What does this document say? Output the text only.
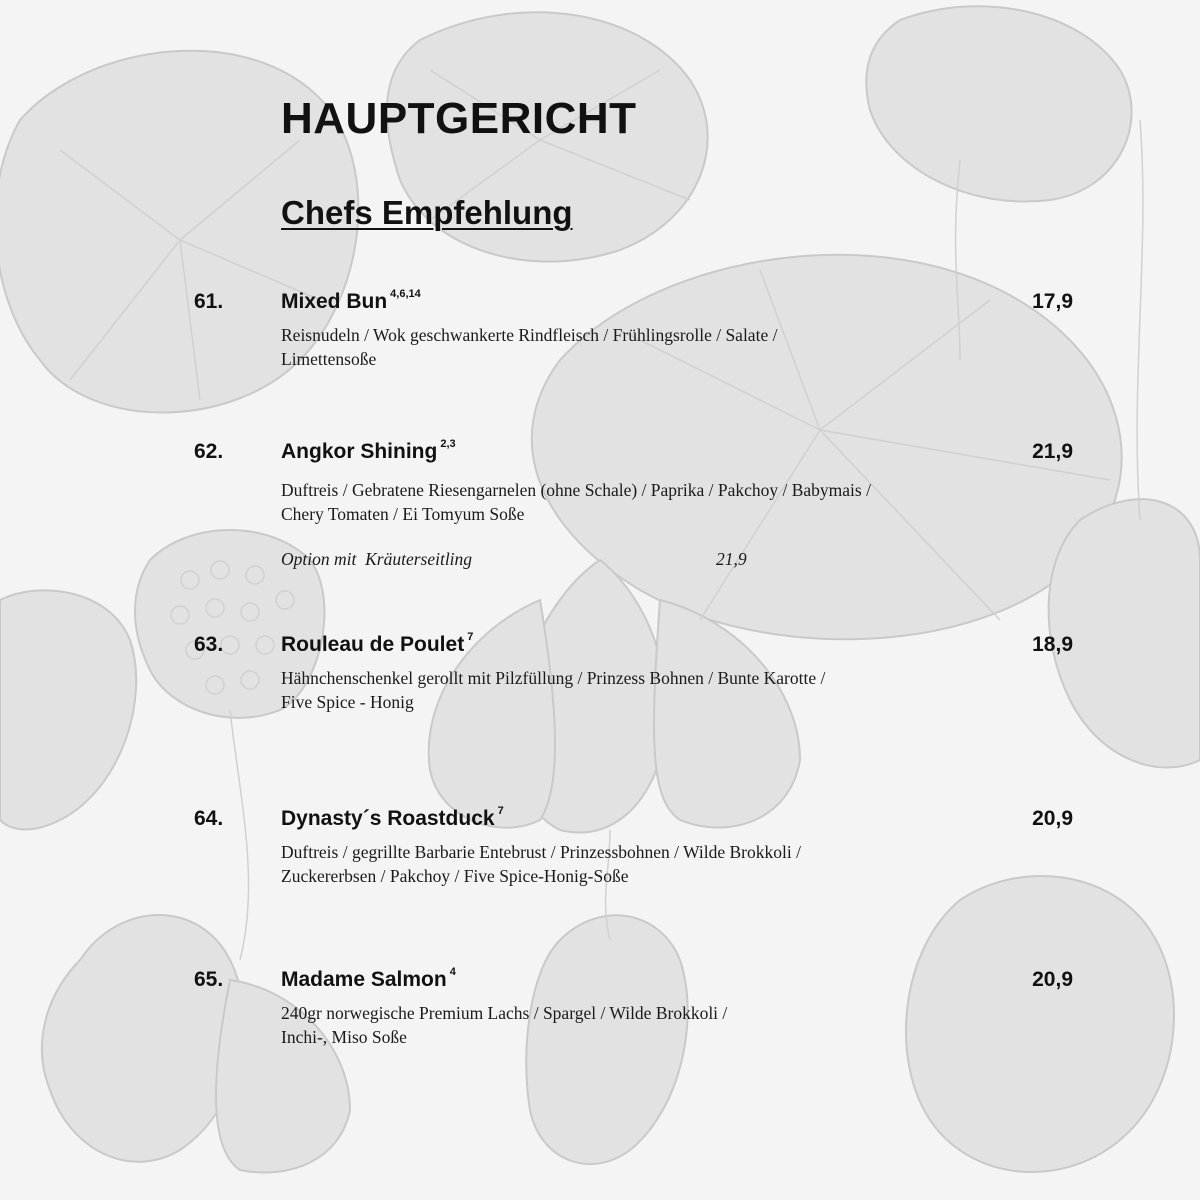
HAUPTGERICHT
Chefs Empfehlung
61.	Mixed Bun $^{4,6,14}$	17,9

Reisnudeln / Wok geschwankerte Rindfleisch / Frühlingsrolle / Salate /
Limettensoße

62.	Angkor Shining $^{2,3}$	21,9

Duftreis / Gebratene Riesengarnelen (ohne Schale) / Paprika / Pakchoy / Babymais /
Chery Tomaten / Ei Tomyum Soße

Option mit  Kräuterseitling	21,9
63.	Rouleau de Poulet $^7$	18,9

Hähnchenschenkel gerollt mit Pilzfüllung / Prinzess Bohnen / Bunte Karotte /
Five Spice - Honig

64.	Dynasty´s Roastduck $^7$	20,9

Duftreis / gegrillte Barbarie Entebrust / Prinzessbohnen / Wilde Brokkoli /
Zuckererbsen / Pakchoy / Five Spice-Honig-Soße

65.	Madame Salmon $^4$	20,9

240gr norwegische Premium Lachs / Spargel / Wilde Brokkoli /
Inchi-, Miso Soße
